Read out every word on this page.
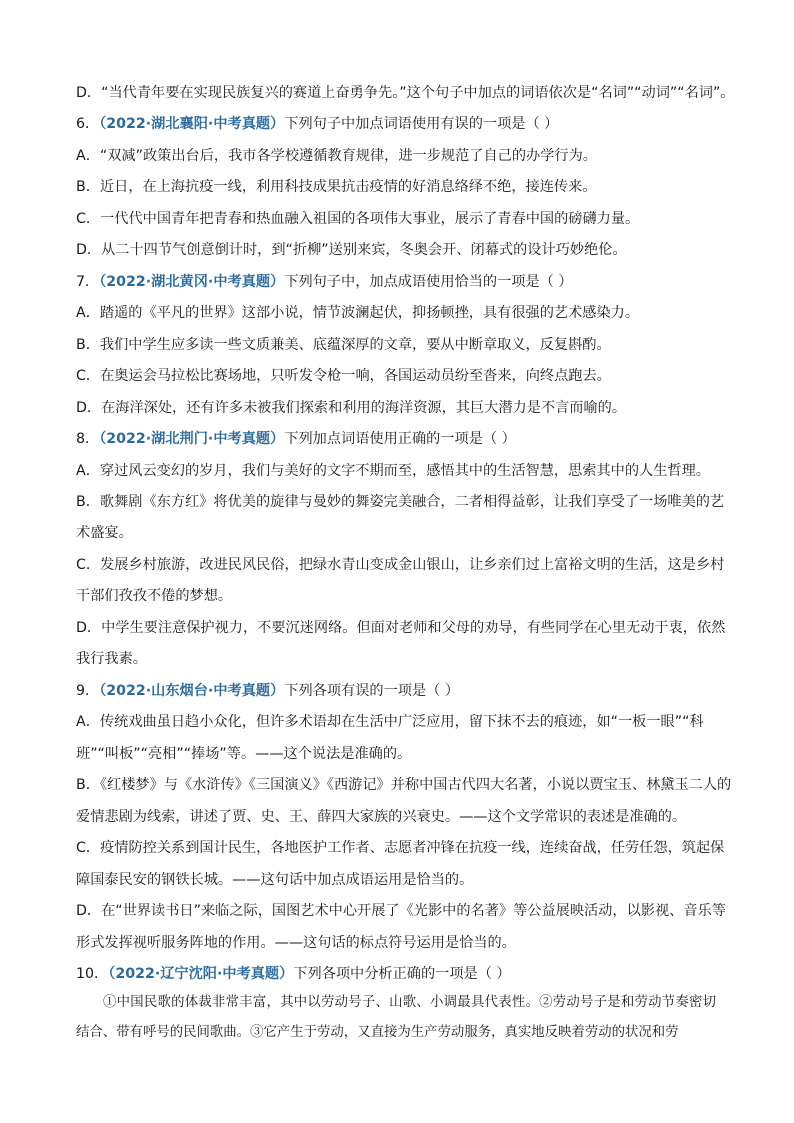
D．“当代青年要在实现民族复兴的赛道上奋勇争先。”这个句子中加点的词语依次是“名词”“动词”“名词”。
6．（2022·湖北襄阳·中考真题）下列句子中加点词语使用有误的一项是（ ）
A．“双减”政策出台后，我市各学校遵循教育规律，进一步规范了自己的办学行为。
B．近日，在上海抗疫一线，利用科技成果抗击疫情的好消息络绎不绝，接连传来。
C．一代代中国青年把青春和热血融入祖国的各项伟大事业，展示了青春中国的磅礴力量。
D．从二十四节气创意倒计时，到“折柳”送别来宾，冬奥会开、闭幕式的设计巧妙绝伦。
7．（2022·湖北黄冈·中考真题）下列句子中，加点成语使用恰当的一项是（ ）
A．踏遥的《平凡的世界》这部小说，情节波澜起伏，抑扬顿挫，具有很强的艺术感染力。
B．我们中学生应多读一些文质兼美、底蕴深厚的文章，要从中断章取义，反复斟酌。
C．在奥运会马拉松比赛场地，只听发令枪一响，各国运动员纷至沓来，向终点跑去。
D．在海洋深处，还有许多未被我们探索和利用的海洋资源，其巨大潜力是不言而喻的。
8．（2022·湖北荆门·中考真题）下列加点词语使用正确的一项是（ ）
A．穿过风云变幻的岁月，我们与美好的文字不期而至，感悟其中的生活智慧，思索其中的人生哲理。
B．歌舞剧《东方红》将优美的旋律与曼妙的舞姿完美融合，二者相得益彰，让我们享受了一场唯美的艺
术盛宴。
C．发展乡村旅游，改进民风民俗，把绿水青山变成金山银山，让乡亲们过上富裕文明的生活，这是乡村
干部们孜孜不倦的梦想。
D．中学生要注意保护视力，不要沉迷网络。但面对老师和父母的劝导，有些同学在心里无动于衷，依然
我行我素。
9．（2022·山东烟台·中考真题）下列各项有误的一项是（ ）
A．传统戏曲虽日趋小众化，但许多术语却在生活中广泛应用，留下抹不去的痕迹，如“一板一眼”“科
班”“叫板”“亮相”“捧场”等。——这个说法是准确的。
B．《红楼梦》与《水浒传》《三国演义》《西游记》并称中国古代四大名著，小说以贾宝玉、林黛玉二人的
爱情悲剧为线索，讲述了贾、史、王、薛四大家族的兴衰史。——这个文学常识的表述是准确的。
C．疫情防控关系到国计民生，各地医护工作者、志愿者冲锋在抗疫一线，连续奋战，任劳任怨，筑起保
障国泰民安的钢铁长城。——这句话中加点成语运用是恰当的。
D．在“世界读书日”来临之际，国图艺术中心开展了《光影中的名著》等公益展映活动，以影视、音乐等
形式发挥视听服务阵地的作用。——这句话的标点符号运用是恰当的。
10．（2022·辽宁沈阳·中考真题）下列各项中分析正确的一项是（ ）
①中国民歌的体裁非常丰富，其中以劳动号子、山歌、小调最具代表性。②劳动号子是和劳动节奏密切结合、带有呼号的民间歌曲。③它产生于劳动，又直接为生产劳动服务，真实地反映着劳动的状况和劳
